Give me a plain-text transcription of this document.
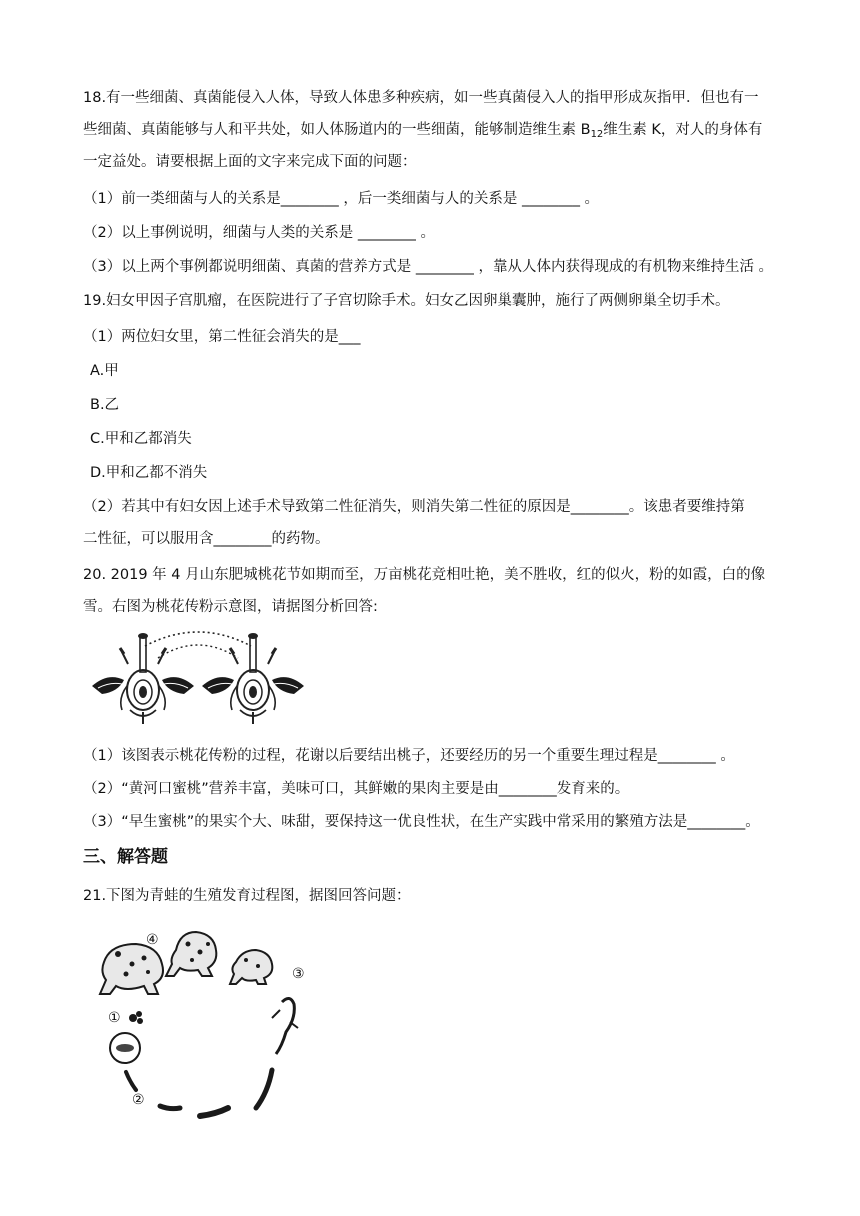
18.有一些细菌、真菌能侵入人体，导致人体患多种疾病，如一些真菌侵入人的指甲形成灰指甲．但也有一
些细菌、真菌能够与人和平共处，如人体肠道内的一些细菌，能够制造维生素 $B_{12}$维生素 K，对人的身体有
一定益处。请要根据上面的文字来完成下面的问题：
（1）前一类细菌与人的关系是________ ，后一类细菌与人的关系是 ________ 。
（2）以上事例说明，细菌与人类的关系是 ________ 。
（3）以上两个事例都说明细菌、真菌的营养方式是 ________ ，靠从人体内获得现成的有机物来维持生活 。
19.妇女甲因子宫肌瘤，在医院进行了子宫切除手术。妇女乙因卵巢囊肿，施行了两侧卵巢全切手术。
（1）两位妇女里，第二性征会消失的是___
A.甲
B.乙
C.甲和乙都消失
D.甲和乙都不消失
（2）若其中有妇女因上述手术导致第二性征消失，则消失第二性征的原因是________。该患者要维持第
二性征，可以服用含________的药物。
20. 2019 年 4 月山东肥城桃花节如期而至，万亩桃花竞相吐艳，美不胜收，红的似火，粉的如霞，白的像
雪。右图为桃花传粉示意图，请据图分析回答:
（1）该图表示桃花传粉的过程，花谢以后要结出桃子，还要经历的另一个重要生理过程是________ 。
（2）“黄河口蜜桃”营养丰富，美味可口，其鲜嫩的果肉主要是由________发育来的。
（3）“早生蜜桃”的果实个大、味甜，要保持这一优良性状，在生产实践中常采用的繁殖方法是________。
三、解答题
21.下图为青蛙的生殖发育过程图，据图回答问题：
①
②
③
④
